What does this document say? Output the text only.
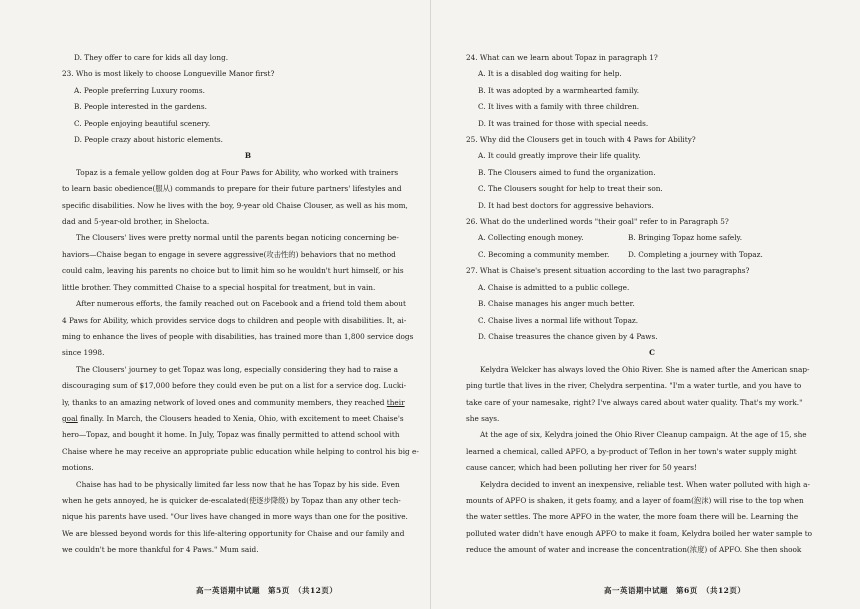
D. They offer to care for kids all day long.
23. Who is most likely to choose Longueville Manor first?
A. People preferring Luxury rooms.
B. People interested in the gardens.
C. People enjoying beautiful scenery.
D. People crazy about historic elements.
B
Topaz is a female yellow golden dog at Four Paws for Ability, who worked with trainers
to learn basic obedience(服从) commands to prepare for their future partners' lifestyles and
specific disabilities. Now he lives with the boy, 9-year old Chaise Clouser, as well as his mom,
dad and 5-year-old brother, in Shelocta.
The Clousers' lives were pretty normal until the parents began noticing concerning be-
haviors—Chaise began to engage in severe aggressive(攻击性的) behaviors that no method
could calm, leaving his parents no choice but to limit him so he wouldn't hurt himself, or his
little brother. They committed Chaise to a special hospital for treatment, but in vain.
After numerous efforts, the family reached out on Facebook and a friend told them about
4 Paws for Ability, which provides service dogs to children and people with disabilities. It, ai-
ming to enhance the lives of people with disabilities, has trained more than 1,800 service dogs
since 1998.
The Clousers' journey to get Topaz was long, especially considering they had to raise a
discouraging sum of $17,000 before they could even be put on a list for a service dog. Lucki-
ly, thanks to an amazing network of loved ones and community members, they reached their
goal finally. In March, the Clousers headed to Xenia, Ohio, with excitement to meet Chaise's
hero—Topaz, and bought it home. In July, Topaz was finally permitted to attend school with
Chaise where he may receive an appropriate public education while helping to control his big e-
motions.
Chaise has had to be physically limited far less now that he has Topaz by his side. Even
when he gets annoyed, he is quicker de-escalated(使逐步降级) by Topaz than any other tech-
nique his parents have used. "Our lives have changed in more ways than one for the positive.
We are blessed beyond words for this life-altering opportunity for Chaise and our family and
we couldn't be more thankful for 4 Paws." Mum said.
24. What can we learn about Topaz in paragraph 1?
A. It is a disabled dog waiting for help.
B. It was adopted by a warmhearted family.
C. It lives with a family with three children.
D. It was trained for those with special needs.
25. Why did the Clousers get in touch with 4 Paws for Ability?
A. It could greatly improve their life quality.
B. The Clousers aimed to fund the organization.
C. The Clousers sought for help to treat their son.
D. It had best doctors for aggressive behaviors.
26. What do the underlined words "their goal" refer to in Paragraph 5?
A. Collecting enough money.	B. Bringing Topaz home safely.
C. Becoming a community member.	D. Completing a journey with Topaz.
27. What is Chaise's present situation according to the last two paragraphs?
A. Chaise is admitted to a public college.
B. Chaise manages his anger much better.
C. Chaise lives a normal life without Topaz.
D. Chaise treasures the chance given by 4 Paws.
C
Kelydra Welcker has always loved the Ohio River. She is named after the American snap-
ping turtle that lives in the river, Chelydra serpentina. "I'm a water turtle, and you have to
take care of your namesake, right? I've always cared about water quality. That's my work."
she says.
At the age of six, Kelydra joined the Ohio River Cleanup campaign. At the age of 15, she
learned a chemical, called APFO, a by-product of Teflon in her town's water supply might
cause cancer, which had been polluting her river for 50 years!
Kelydra decided to invent an inexpensive, reliable test. When water polluted with high a-
mounts of APFO is shaken, it gets foamy, and a layer of foam(泡沫) will rise to the top when
the water settles. The more APFO in the water, the more foam there will be. Learning the
polluted water didn't have enough APFO to make it foam, Kelydra boiled her water sample to
reduce the amount of water and increase the concentration(浓度) of APFO. She then shook
高一英语期中试题　第5页　（共12页）	高一英语期中试题　第6页　（共12页）
